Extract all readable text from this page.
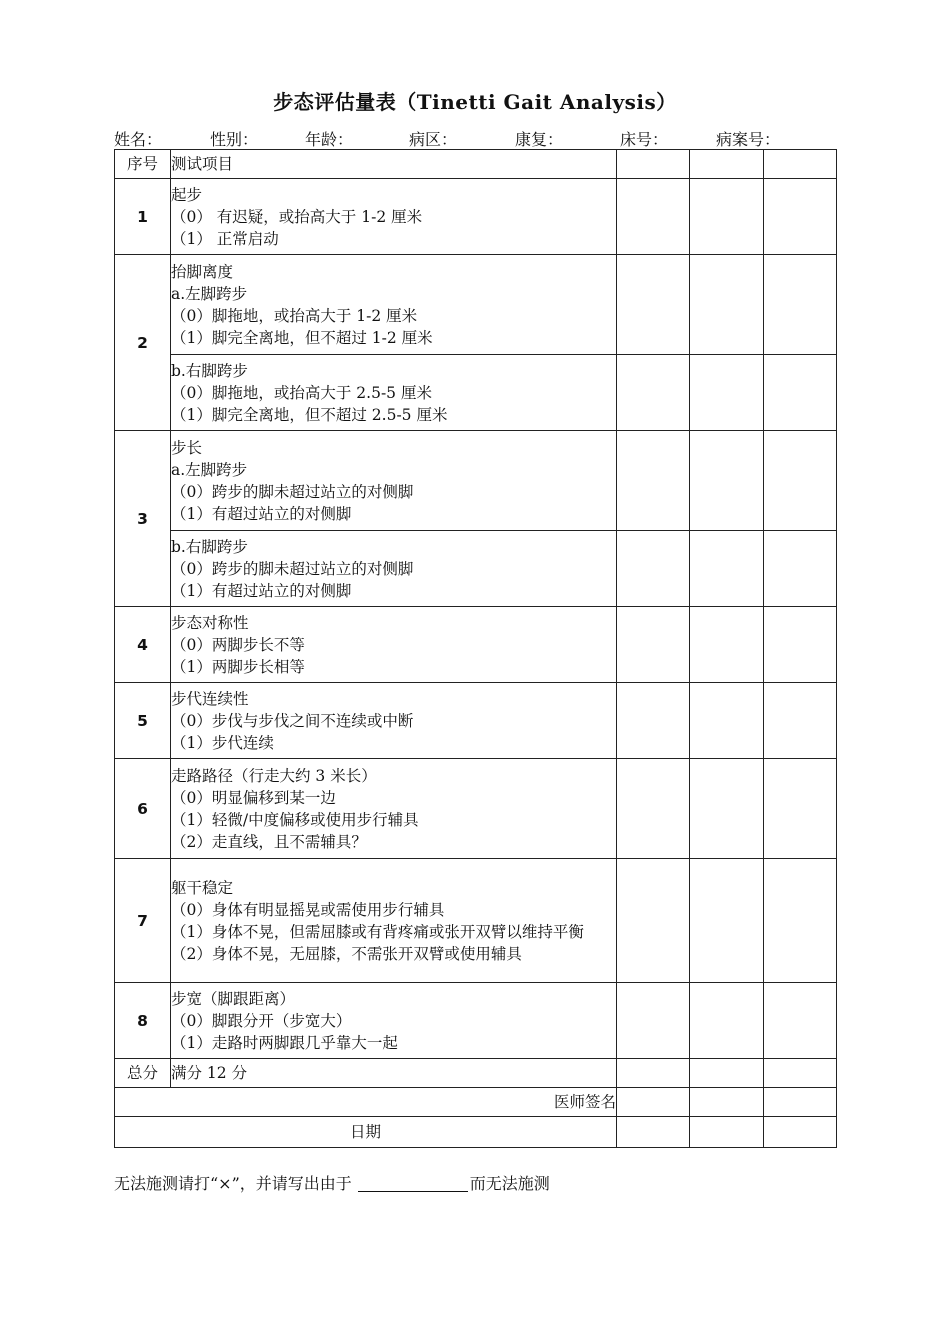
步态评估量表（Tinetti Gait Analysis）
姓名：	性别：	年龄：	病区：	康复：	床号：	病案号：
序号	测试项目			
1	起步
（0） 有迟疑，或抬高大于 1-2 厘米
（1） 正常启动			

2	抬脚离度
a.左脚跨步
（0）脚拖地，或抬高大于 1-2 厘米
（1）脚完全离地，但不超过 1-2 厘米			

	b.右脚跨步
（0）脚拖地，或抬高大于 2.5-5 厘米
（1）脚完全离地，但不超过 2.5-5 厘米			

3	步长
a.左脚跨步
（0）跨步的脚未超过站立的对侧脚
（1）有超过站立的对侧脚			

	b.右脚跨步
（0）跨步的脚未超过站立的对侧脚
（1）有超过站立的对侧脚			

4	步态对称性
（0）两脚步长不等
（1）两脚步长相等			

5	步代连续性
（0）步伐与步伐之间不连续或中断
（1）步代连续			

6	走路路径（行走大约 3 米长）
（0）明显偏移到某一边
（1）轻微/中度偏移或使用步行辅具
（2）走直线，且不需辅具？			

7	躯干稳定
（0）身体有明显摇晃或需使用步行辅具
（1）身体不晃，但需屈膝或有背疼痛或张开双臂以维持平衡
（2）身体不晃，无屈膝，不需张开双臂或使用辅具			

8	步宽（脚跟距离）
（0）脚跟分开（步宽大）
（1）走路时两脚跟几乎靠大一起			

总分	满分 12 分			
医师签名				
日期				
无法施测请打“×”，并请写出由于	而无法施测
